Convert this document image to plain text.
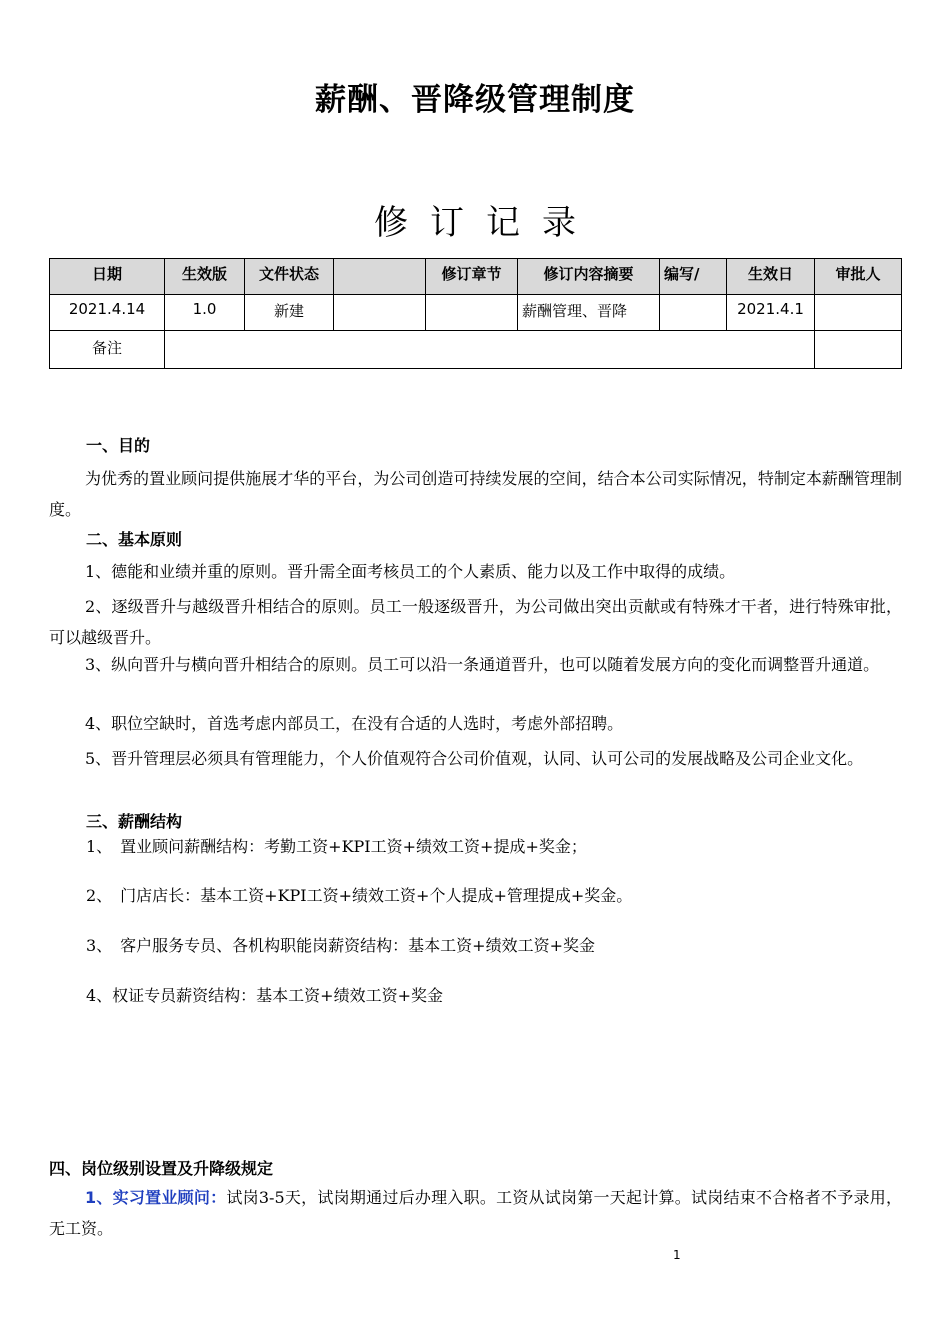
薪酬、晋降级管理制度
修订记录
日期	生效版	文件状态		修订章节	修订内容摘要	编写/	生效日	审批人
2021.4.14	1.0	新建			薪酬管理、晋降		2021.4.1	
备注								
一、目的
为优秀的置业顾问提供施展才华的平台，为公司创造可持续发展的空间，结合本公司实际情况，特制定本薪酬管理制度。
二、基本原则
1、德能和业绩并重的原则。晋升需全面考核员工的个人素质、能力以及工作中取得的成绩。
2、逐级晋升与越级晋升相结合的原则。员工一般逐级晋升，为公司做出突出贡献或有特殊才干者，进行特殊审批，可以越级晋升。
3、纵向晋升与横向晋升相结合的原则。员工可以沿一条通道晋升，也可以随着发展方向的变化而调整晋升通道。
4、职位空缺时，首选考虑内部员工，在没有合适的人选时，考虑外部招聘。
5、晋升管理层必须具有管理能力，个人价值观符合公司价值观，认同、认可公司的发展战略及公司企业文化。
三、薪酬结构
1、　置业顾问薪酬结构：考勤工资+KPI工资+绩效工资+提成+奖金；
2、　门店店长：基本工资+KPI工资+绩效工资+个人提成+管理提成+奖金。
3、　客户服务专员、各机构职能岗薪资结构：基本工资+绩效工资+奖金
4、权证专员薪资结构：基本工资+绩效工资+奖金
四、岗位级别设置及升降级规定
1、实习置业顾问：试岗3-5天，试岗期通过后办理入职。工资从试岗第一天起计算。试岗结束不合格者不予录用，无工资。
1
